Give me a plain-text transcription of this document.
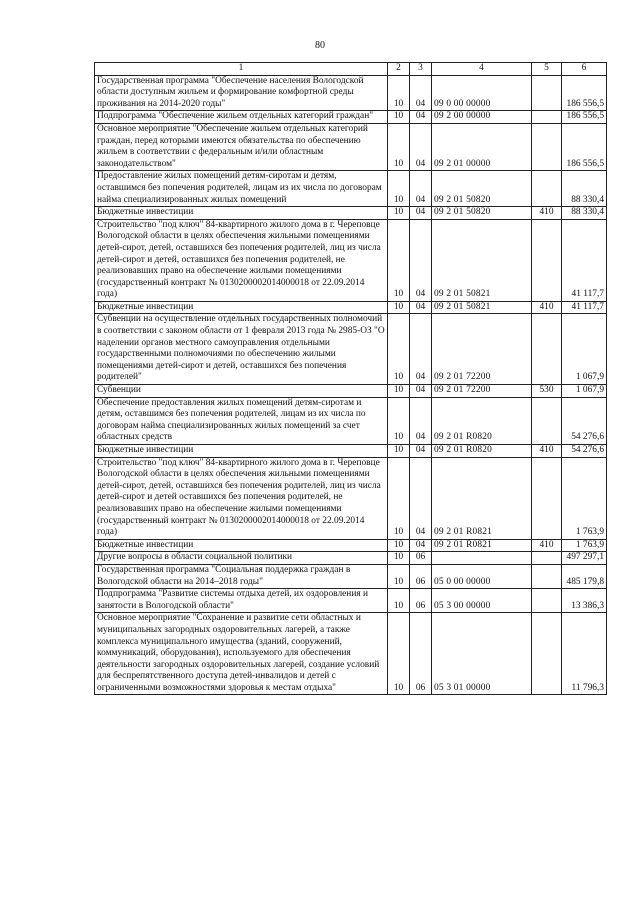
80
1	2	3	4	5	6
Государственная программа "Обеспечение населения Вологодской области доступным жильем и формирование комфортной среды проживания на 2014-2020 годы"	10	04	09 0 00 00000		186 556,5
Подпрограмма "Обеспечение жильем отдельных категорий граждан"	10	04	09 2 00 00000		186 556,5
Основное мероприятие "Обеспечение жильем отдельных категорий граждан, перед которыми имеются обязательства по обеспечению жильем в соответствии с федеральным и/или областным законодательством"	10	04	09 2 01 00000		186 556,5
Предоставление жилых помещений детям-сиротам и детям, оставшимся без попечения родителей, лицам из их числа по договорам найма специализированных жилых помещений	10	04	09 2 01 50820		88 330,4
Бюджетные инвестиции	10	04	09 2 01 50820	410	88 330,4
Строительство "под ключ" 84-квартирного жилого дома в г. Череповце Вологодской области в целях обеспечения жильными помещениями детей-сирот, детей, оставшихся без попечения родителей, лиц из числа детей-сирот и детей, оставшихся без попечения родителей, не реализовавших право на обеспечение жилыми помещениями (государственный контракт № 0130200002014000018 от 22.09.2014 года)	10	04	09 2 01 50821		41 117,7
Бюджетные инвестиции	10	04	09 2 01 50821	410	41 117,7
Субвенции на осуществление отдельных государственных полномочий в соответствии с законом области от 1 февраля 2013 года № 2985-ОЗ "О наделении органов местного самоуправления отдельными государственными полномочиями по обеспечению жилыми помещениями детей-сирот и детей, оставшихся без попечения родителей"	10	04	09 2 01 72200		1 067,9
Субвенции	10	04	09 2 01 72200	530	1 067,9
Обеспечение предоставления жилых помещений детям-сиротам и детям, оставшимся без попечения родителей, лицам из их числа по договорам найма специализированных жилых помещений за счет областных средств	10	04	09 2 01 R0820		54 276,6
Бюджетные инвестиции	10	04	09 2 01 R0820	410	54 276,6
Строительство "под ключ" 84-квартирного жилого дома в г. Череповце Вологодской области в целях обеспечения жильными помещениями детей-сирот, детей, оставшихся без попечения родителей, лиц из числа детей-сирот и детей оставшихся без попечения родителей, не реализовавших право на обеспечение жилыми помещениями (государственный контракт № 0130200002014000018 от 22.09.2014 года)	10	04	09 2 01 R0821		1 763,9
Бюджетные инвестиции	10	04	09 2 01 R0821	410	1 763,9
Другие вопросы в области социальной политики	10	06			497 297,1
Государственная программа "Социальная поддержка граждан в Вологодской области на 2014–2018 годы"	10	06	05 0 00 00000		485 179,8
Подпрограмма "Развитие системы отдыха детей, их оздоровления и занятости в Вологодской области"	10	06	05 3 00 00000		13 386,3
Основное мероприятие "Сохранение и развитие сети областных и муниципальных загородных оздоровительных лагерей, а также комплекса муниципального имущества (зданий, сооружений, коммуникаций, оборудования), используемого для обеспечения деятельности загородных оздоровительных лагерей, создание условий для беспрепятственного доступа детей-инвалидов и детей с ограниченными возможностями здоровья к местам отдыха"	10	06	05 3 01 00000		11 796,3
